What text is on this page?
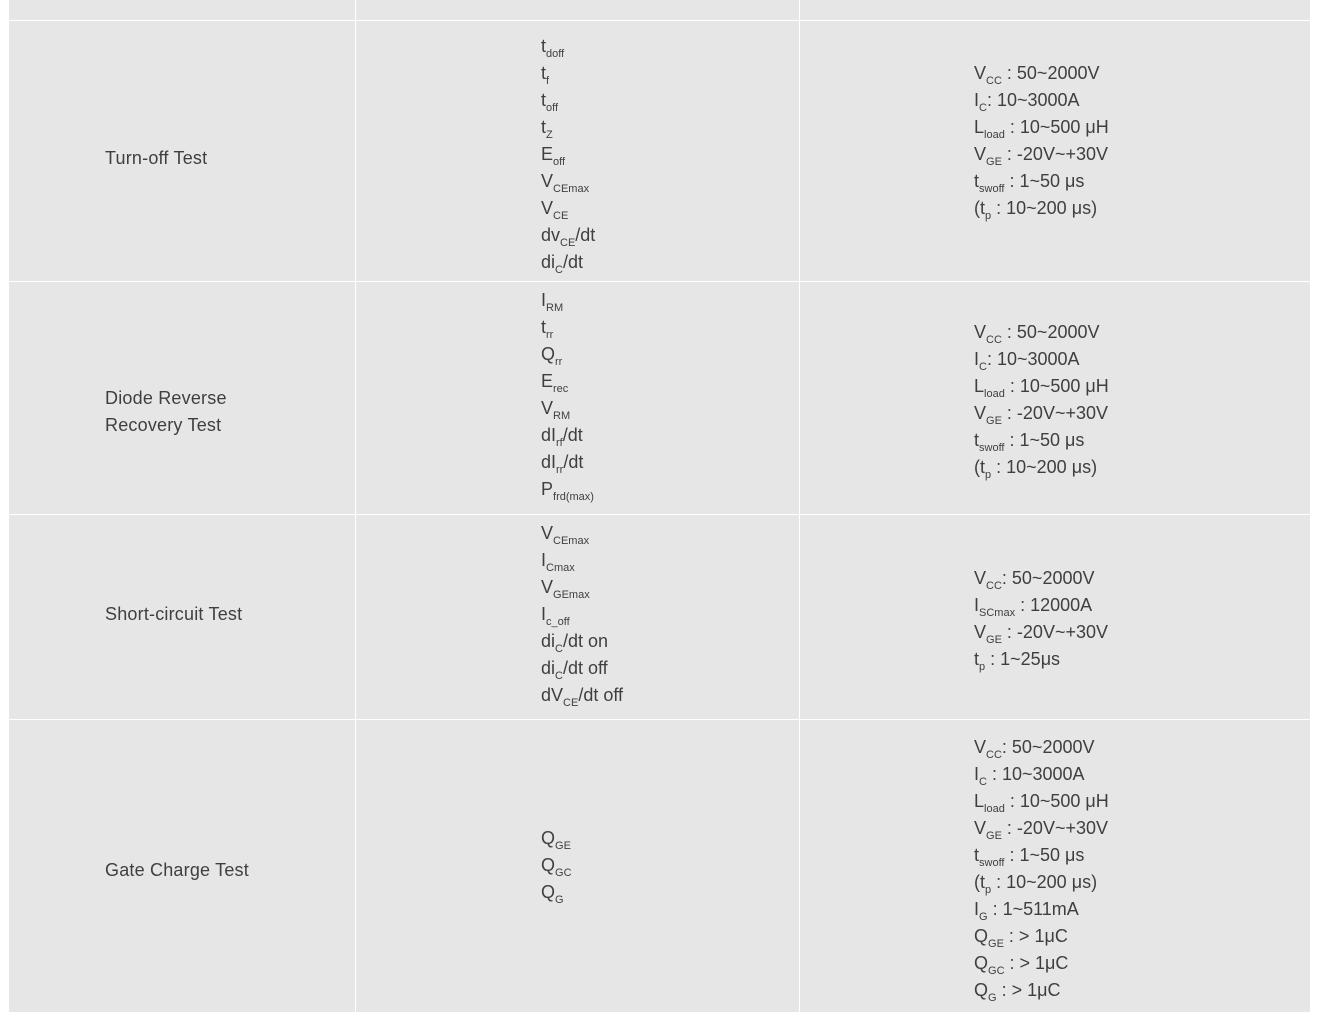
Turn-off Test
$t_{doff}$
$t_f$
$t_{off}$
$t_Z$
$E_{off}$
$V_{CEmax}$
$V_{CE}$
$dv_{CE}/dt$
$di_C/dt$
$V_{CC}$ : 50~2000V
$I_C$: 10~3000A
$L_{load}$ : 10~500 μH
$V_{GE}$ : -20V~+30V
$t_{swoff}$ : 1~50 μs
($t_p$ : 10~200 μs)
Diode Reverse
Recovery Test
$I_{RM}$
$t_{rr}$
$Q_{rr}$
$E_{rec}$
$V_{RM}$
$dI_{rf}/dt$
$dI_{rr}/dt$
$P_{frd(max)}$
$V_{CC}$ : 50~2000V
$I_C$: 10~3000A
$L_{load}$ : 10~500 μH
$V_{GE}$ : -20V~+30V
$t_{swoff}$ : 1~50 μs
($t_p$ : 10~200 μs)
Short-circuit Test
$V_{CEmax}$
$I_{Cmax}$
$V_{GEmax}$
$I_{c\_off}$
$di_C/dt$ on
$di_C/dt$ off
$dV_{CE}/dt$ off
$V_{CC}$: 50~2000V
$I_{SCmax}$ : 12000A
$V_{GE}$ : -20V~+30V
$t_p$ : 1~25μs
Gate Charge Test
$Q_{GE}$
$Q_{GC}$
$Q_G$
$V_{CC}$: 50~2000V
$I_C$ : 10~3000A
$L_{load}$ : 10~500 μH
$V_{GE}$ : -20V~+30V
$t_{swoff}$ : 1~50 μs
($t_p$ : 10~200 μs)
$I_G$ : 1~511mA
$Q_{GE}$ : > 1μC
$Q_{GC}$ : > 1μC
$Q_G$ : > 1μC
